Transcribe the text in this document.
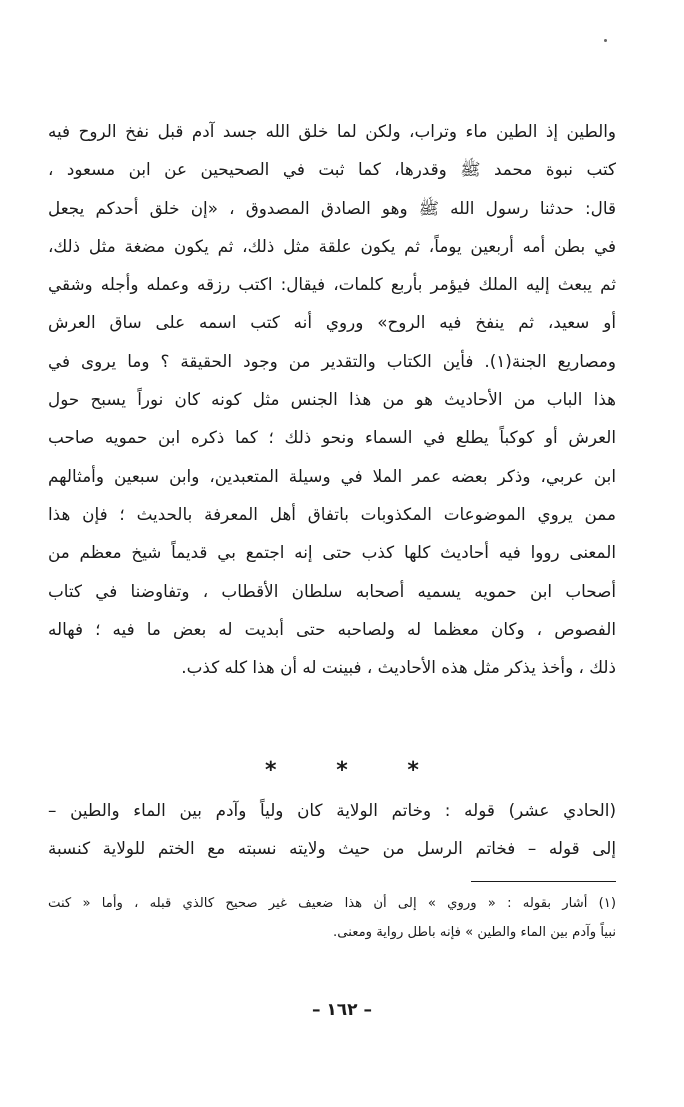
والطين إذ الطين ماء وتراب، ولكن لما خلق الله جسد آدم قبل نفخ الروح فيه
كتب نبوة محمد ﷺ وقدرها، كما ثبت في الصحيحين عن ابن مسعود ،
قال: حدثنا رسول الله ﷺ وهو الصادق المصدوق ، «إن خلق أحدكم يجعل
في بطن أمه أربعين يوماً، ثم يكون علقة مثل ذلك، ثم يكون مضغة مثل ذلك،
ثم يبعث إليه الملك فيؤمر بأربع كلمات، فيقال: اكتب رزقه وعمله وأجله وشقي
أو سعيد، ثم ينفخ فيه الروح» وروي أنه كتب اسمه على ساق العرش
ومصاريع الجنة(١). فأين الكتاب والتقدير من وجود الحقيقة ؟ وما يروى في
هذا الباب من الأحاديث هو من هذا الجنس مثل كونه كان نوراً يسبح حول
العرش أو كوكباً يطلع في السماء ونحو ذلك ؛ كما ذكره ابن حمويه صاحب
ابن عربي، وذكر بعضه عمر الملا في وسيلة المتعبدين، وابن سبعين وأمثالهم
ممن يروي الموضوعات المكذوبات باتفاق أهل المعرفة بالحديث ؛ فإن هذا
المعنى رووا فيه أحاديث كلها كذب حتى إنه اجتمع بي قديماً شيخ معظم من
أصحاب ابن حمويه يسميه أصحابه سلطان الأقطاب ، وتفاوضنا في كتاب
الفصوص ، وكان معظما له ولصاحبه حتى أبديت له بعض ما فيه ؛ فهاله
ذلك ، وأخذ يذكر مثل هذه الأحاديث ، فبينت له أن هذا كله كذب.
*	*	*
(الحادي عشر) قوله : وخاتم الولاية كان ولياً وآدم بين الماء والطين –
إلى قوله – فخاتم الرسل من حيث ولايته نسبته مع الختم للولاية كنسبة
(١) أشار بقوله : « وروي » إلى أن هذا ضعيف غير صحيح كالذي قبله ، وأما « كنت
نبياً وآدم بين الماء والطين » فإنه باطل رواية ومعنى.
– ١٦٢ –
